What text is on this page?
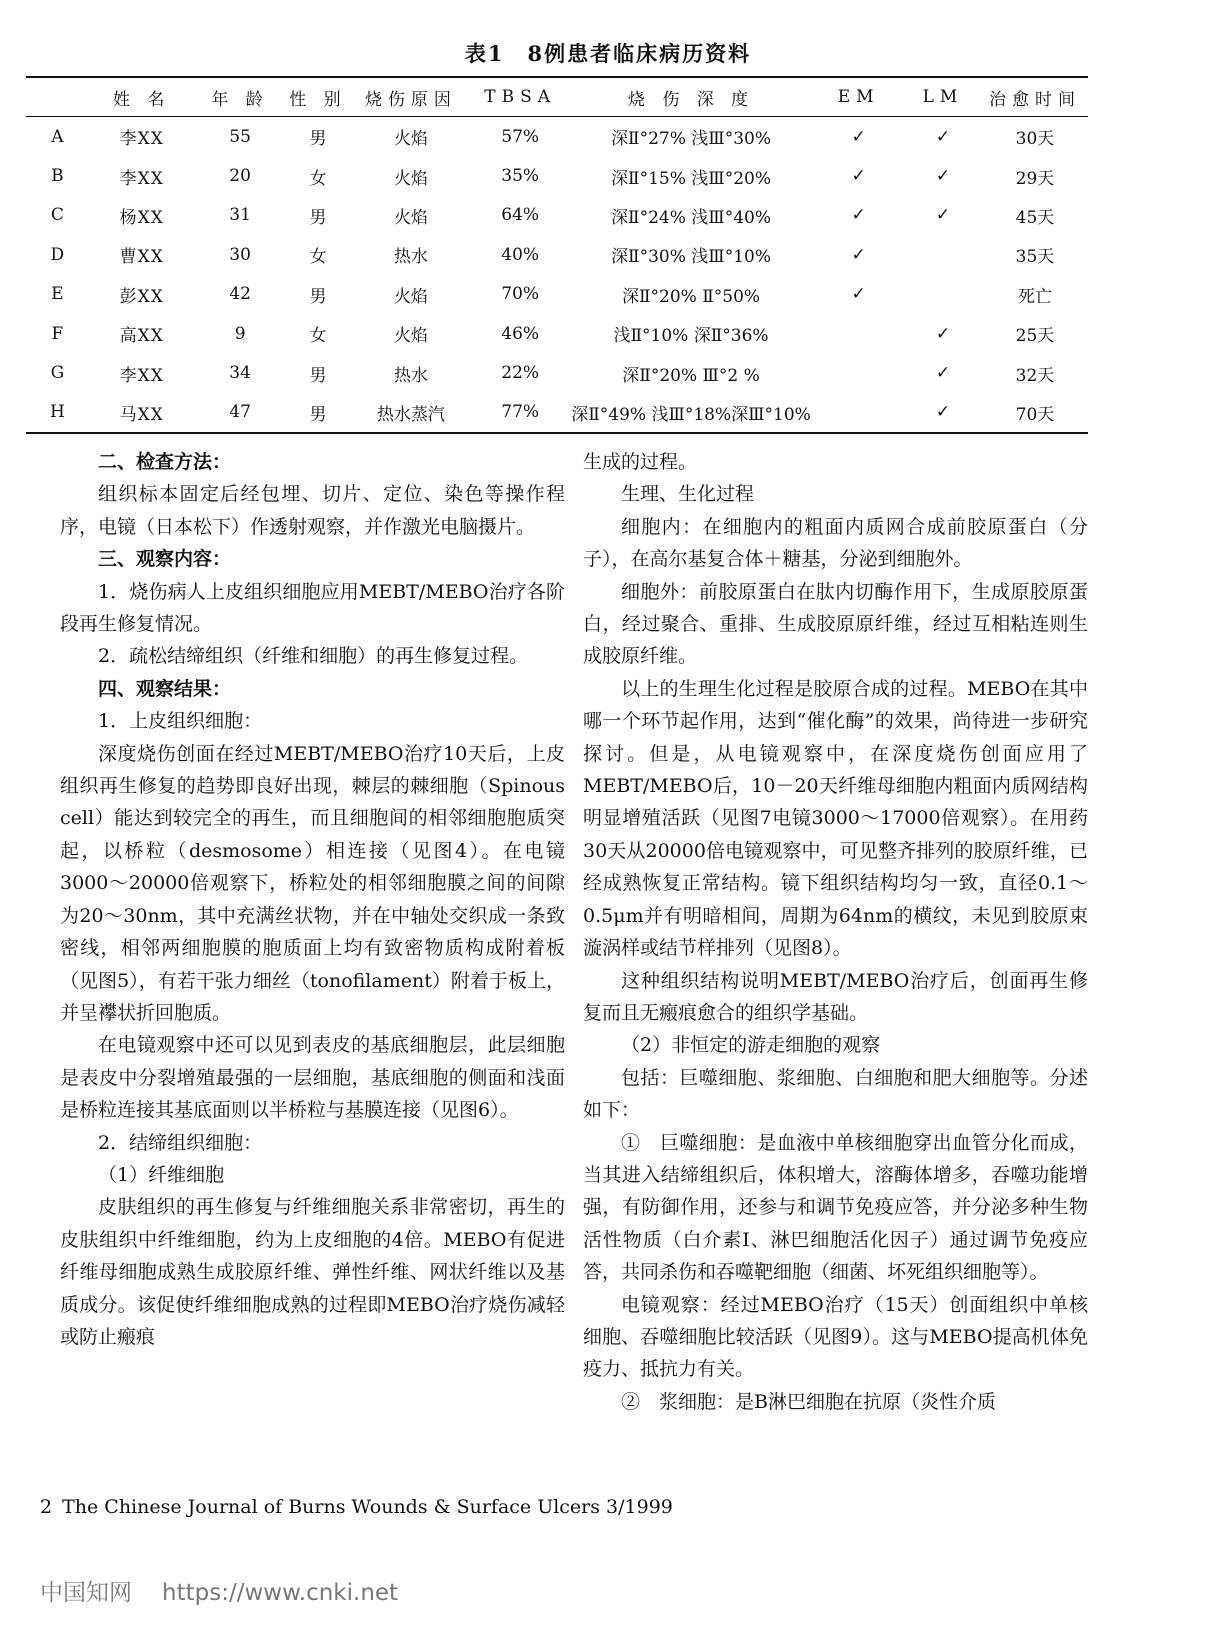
表1　8例患者临床病历资料
	姓 名	年 龄	性 别	烧伤原因	TBSA	烧 伤 深 度	EM	LM	治愈时间
A	李XX	55	男	火焰	57%	深Ⅱ°27% 浅Ⅲ°30%	✓	✓	30天
B	李XX	20	女	火焰	35%	深Ⅱ°15% 浅Ⅲ°20%	✓	✓	29天
C	杨XX	31	男	火焰	64%	深Ⅱ°24% 浅Ⅲ°40%	✓	✓	45天
D	曹XX	30	女	热水	40%	深Ⅱ°30% 浅Ⅲ°10%	✓		35天
E	彭XX	42	男	火焰	70%	深Ⅱ°20% Ⅱ°50%	✓		死亡
F	高XX	9	女	火焰	46%	浅Ⅱ°10% 深Ⅱ°36%		✓	25天
G	李XX	34	男	热水	22%	深Ⅱ°20% Ⅲ°2 %		✓	32天
H	马XX	47	男	热水蒸汽	77%	深Ⅱ°49% 浅Ⅲ°18%深Ⅲ°10%		✓	70天

二、检查方法：

组织标本固定后经包埋、切片、定位、染色等操作程序，电镜（日本松下）作透射观察，并作激光电脑摄片。

三、观察内容：

1．烧伤病人上皮组织细胞应用MEBT/MEBO治疗各阶段再生修复情况。

2．疏松结缔组织（纤维和细胞）的再生修复过程。

四、观察结果：

1．上皮组织细胞：

深度烧伤创面在经过MEBT/MEBO治疗10天后，上皮组织再生修复的趋势即良好出现，棘层的棘细胞（Spinous cell）能达到较完全的再生，而且细胞间的相邻细胞胞质突起，以桥粒（desmosome）相连接（见图4）。在电镜3000～20000倍观察下，桥粒处的相邻细胞膜之间的间隙为20～30nm，其中充满丝状物，并在中轴处交织成一条致密线，相邻两细胞膜的胞质面上均有致密物质构成附着板（见图5），有若干张力细丝（tonofilament）附着于板上，并呈襻状折回胞质。

在电镜观察中还可以见到表皮的基底细胞层，此层细胞是表皮中分裂增殖最强的一层细胞，基底细胞的侧面和浅面是桥粒连接其基底面则以半桥粒与基膜连接（见图6）。

2．结缔组织细胞：

（1）纤维细胞

皮肤组织的再生修复与纤维细胞关系非常密切，再生的皮肤组织中纤维细胞，约为上皮细胞的4倍。MEBO有促进纤维母细胞成熟生成胶原纤维、弹性纤维、网状纤维以及基质成分。该促使纤维细胞成熟的过程即MEBO治疗烧伤减轻或防止瘢痕

生成的过程。

生理、生化过程

细胞内：在细胞内的粗面内质网合成前胶原蛋白（分子），在高尔基复合体＋糖基，分泌到细胞外。

细胞外：前胶原蛋白在肽内切酶作用下，生成原胶原蛋白，经过聚合、重排、生成胶原原纤维，经过互相粘连则生成胶原纤维。

以上的生理生化过程是胶原合成的过程。MEBO在其中哪一个环节起作用，达到“催化酶”的效果，尚待进一步研究探讨。但是，从电镜观察中，在深度烧伤创面应用了MEBT/MEBO后，10－20天纤维母细胞内粗面内质网结构明显增殖活跃（见图7电镜3000～17000倍观察）。在用药30天从20000倍电镜观察中，可见整齐排列的胶原纤维，已经成熟恢复正常结构。镜下组织结构均匀一致，直径0.1～0.5μm并有明暗相间，周期为64nm的横纹，未见到胶原束漩涡样或结节样排列（见图8）。

这种组织结构说明MEBT/MEBO治疗后，创面再生修复而且无瘢痕愈合的组织学基础。

（2）非恒定的游走细胞的观察

包括：巨噬细胞、浆细胞、白细胞和肥大细胞等。分述如下：

①　巨噬细胞：是血液中单核细胞穿出血管分化而成，当其进入结缔组织后，体积增大，溶酶体增多，吞噬功能增强，有防御作用，还参与和调节免疫应答，并分泌多种生物活性物质（白介素Ⅰ、淋巴细胞活化因子）通过调节免疫应答，共同杀伤和吞噬靶细胞（细菌、坏死组织细胞等）。

电镜观察：经过MEBO治疗（15天）创面组织中单核细胞、吞噬细胞比较活跃（见图9）。这与MEBO提高机体免疫力、抵抗力有关。

②　浆细胞：是B淋巴细胞在抗原（炎性介质

2 The Chinese Journal of Burns Wounds & Surface Ulcers 3/1999
中国知网 https://www.cnki.net
